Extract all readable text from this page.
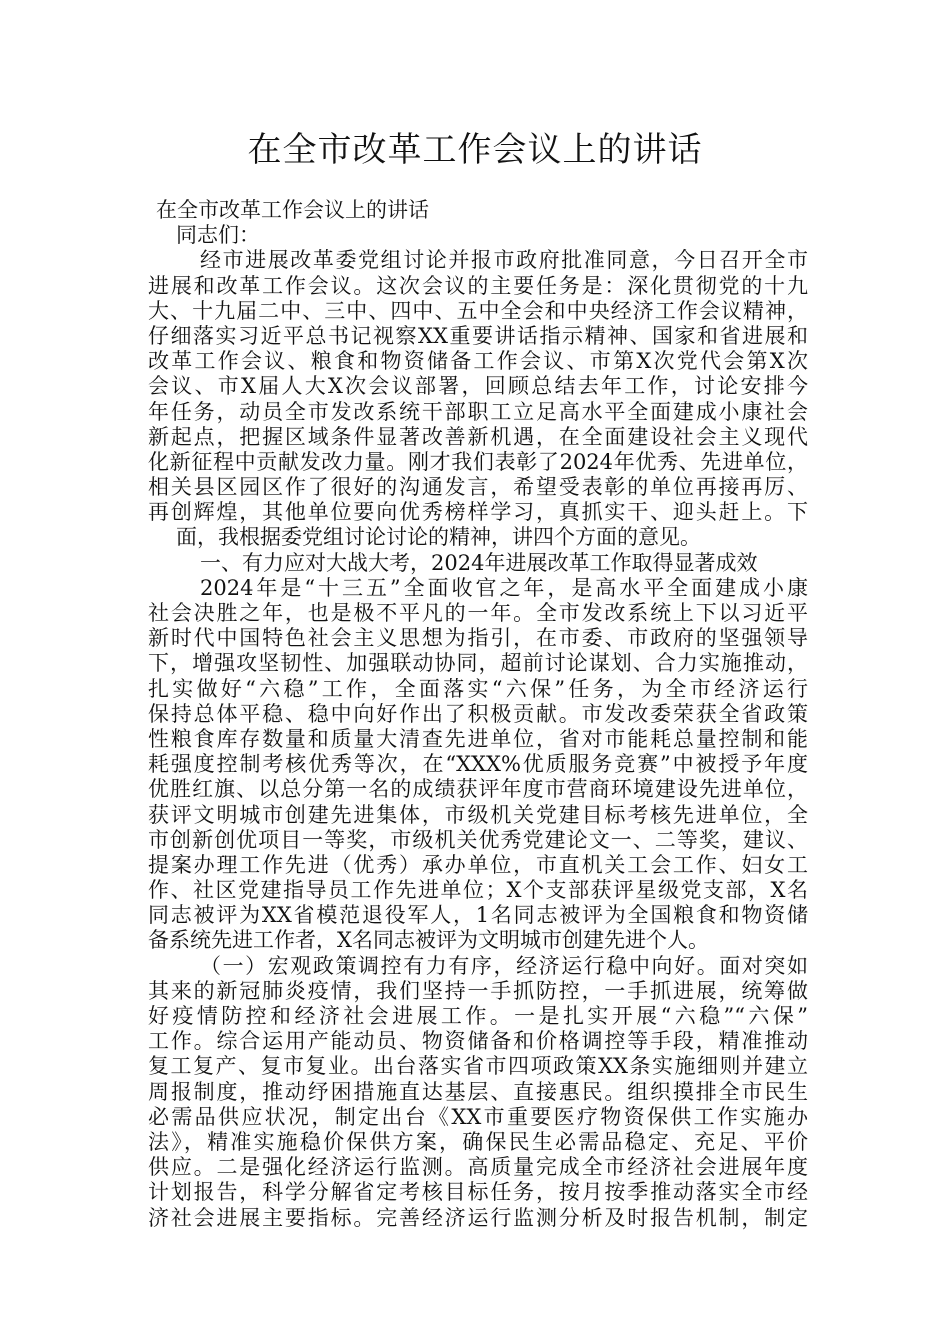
在全市改革工作会议上的讲话
在全市改革工作会议上的讲话
同志们：
经市进展改革委党组讨论并报市政府批准同意，今日召开全市
进展和改革工作会议。这次会议的主要任务是：深化贯彻党的十九
大、十九届二中、三中、四中、五中全会和中央经济工作会议精神，
仔细落实习近平总书记视察XX重要讲话指示精神、国家和省进展和
改革工作会议、粮食和物资储备工作会议、市第X次党代会第X次
会议、市X届人大X次会议部署，回顾总结去年工作，讨论安排今
年任务，动员全市发改系统干部职工立足高水平全面建成小康社会
新起点，把握区域条件显著改善新机遇，在全面建设社会主义现代
化新征程中贡献发改力量。刚才我们表彰了2024年优秀、先进单位，
相关县区园区作了很好的沟通发言，希望受表彰的单位再接再厉、
再创辉煌，其他单位要向优秀榜样学习，真抓实干、迎头赶上。下
面，我根据委党组讨论讨论的精神，讲四个方面的意见。
一、有力应对大战大考，2024年进展改革工作取得显著成效
2024年是“十三五”全面收官之年，是高水平全面建成小康
社会决胜之年，也是极不平凡的一年。全市发改系统上下以习近平
新时代中国特色社会主义思想为指引，在市委、市政府的坚强领导
下，增强攻坚韧性、加强联动协同，超前讨论谋划、合力实施推动，
扎实做好“六稳”工作，全面落实“六保”任务，为全市经济运行
保持总体平稳、稳中向好作出了积极贡献。市发改委荣获全省政策
性粮食库存数量和质量大清查先进单位，省对市能耗总量控制和能
耗强度控制考核优秀等次，在“XXX%优质服务竞赛”中被授予年度
优胜红旗、以总分第一名的成绩获评年度市营商环境建设先进单位，
获评文明城市创建先进集体，市级机关党建目标考核先进单位，全
市创新创优项目一等奖，市级机关优秀党建论文一、二等奖，建议、
提案办理工作先进（优秀）承办单位，市直机关工会工作、妇女工
作、社区党建指导员工作先进单位；X个支部获评星级党支部，X名
同志被评为XX省模范退役军人，1名同志被评为全国粮食和物资储
备系统先进工作者，X名同志被评为文明城市创建先进个人。
（一）宏观政策调控有力有序，经济运行稳中向好。面对突如
其来的新冠肺炎疫情，我们坚持一手抓防控，一手抓进展，统筹做
好疫情防控和经济社会进展工作。一是扎实开展“六稳”“六保”
工作。综合运用产能动员、物资储备和价格调控等手段，精准推动
复工复产、复市复业。出台落实省市四项政策XX条实施细则并建立
周报制度，推动纾困措施直达基层、直接惠民。组织摸排全市民生
必需品供应状况，制定出台《XX市重要医疗物资保供工作实施办
法》，精准实施稳价保供方案，确保民生必需品稳定、充足、平价
供应。二是强化经济运行监测。高质量完成全市经济社会进展年度
计划报告，科学分解省定考核目标任务，按月按季推动落实全市经
济社会进展主要指标。完善经济运行监测分析及时报告机制，制定
